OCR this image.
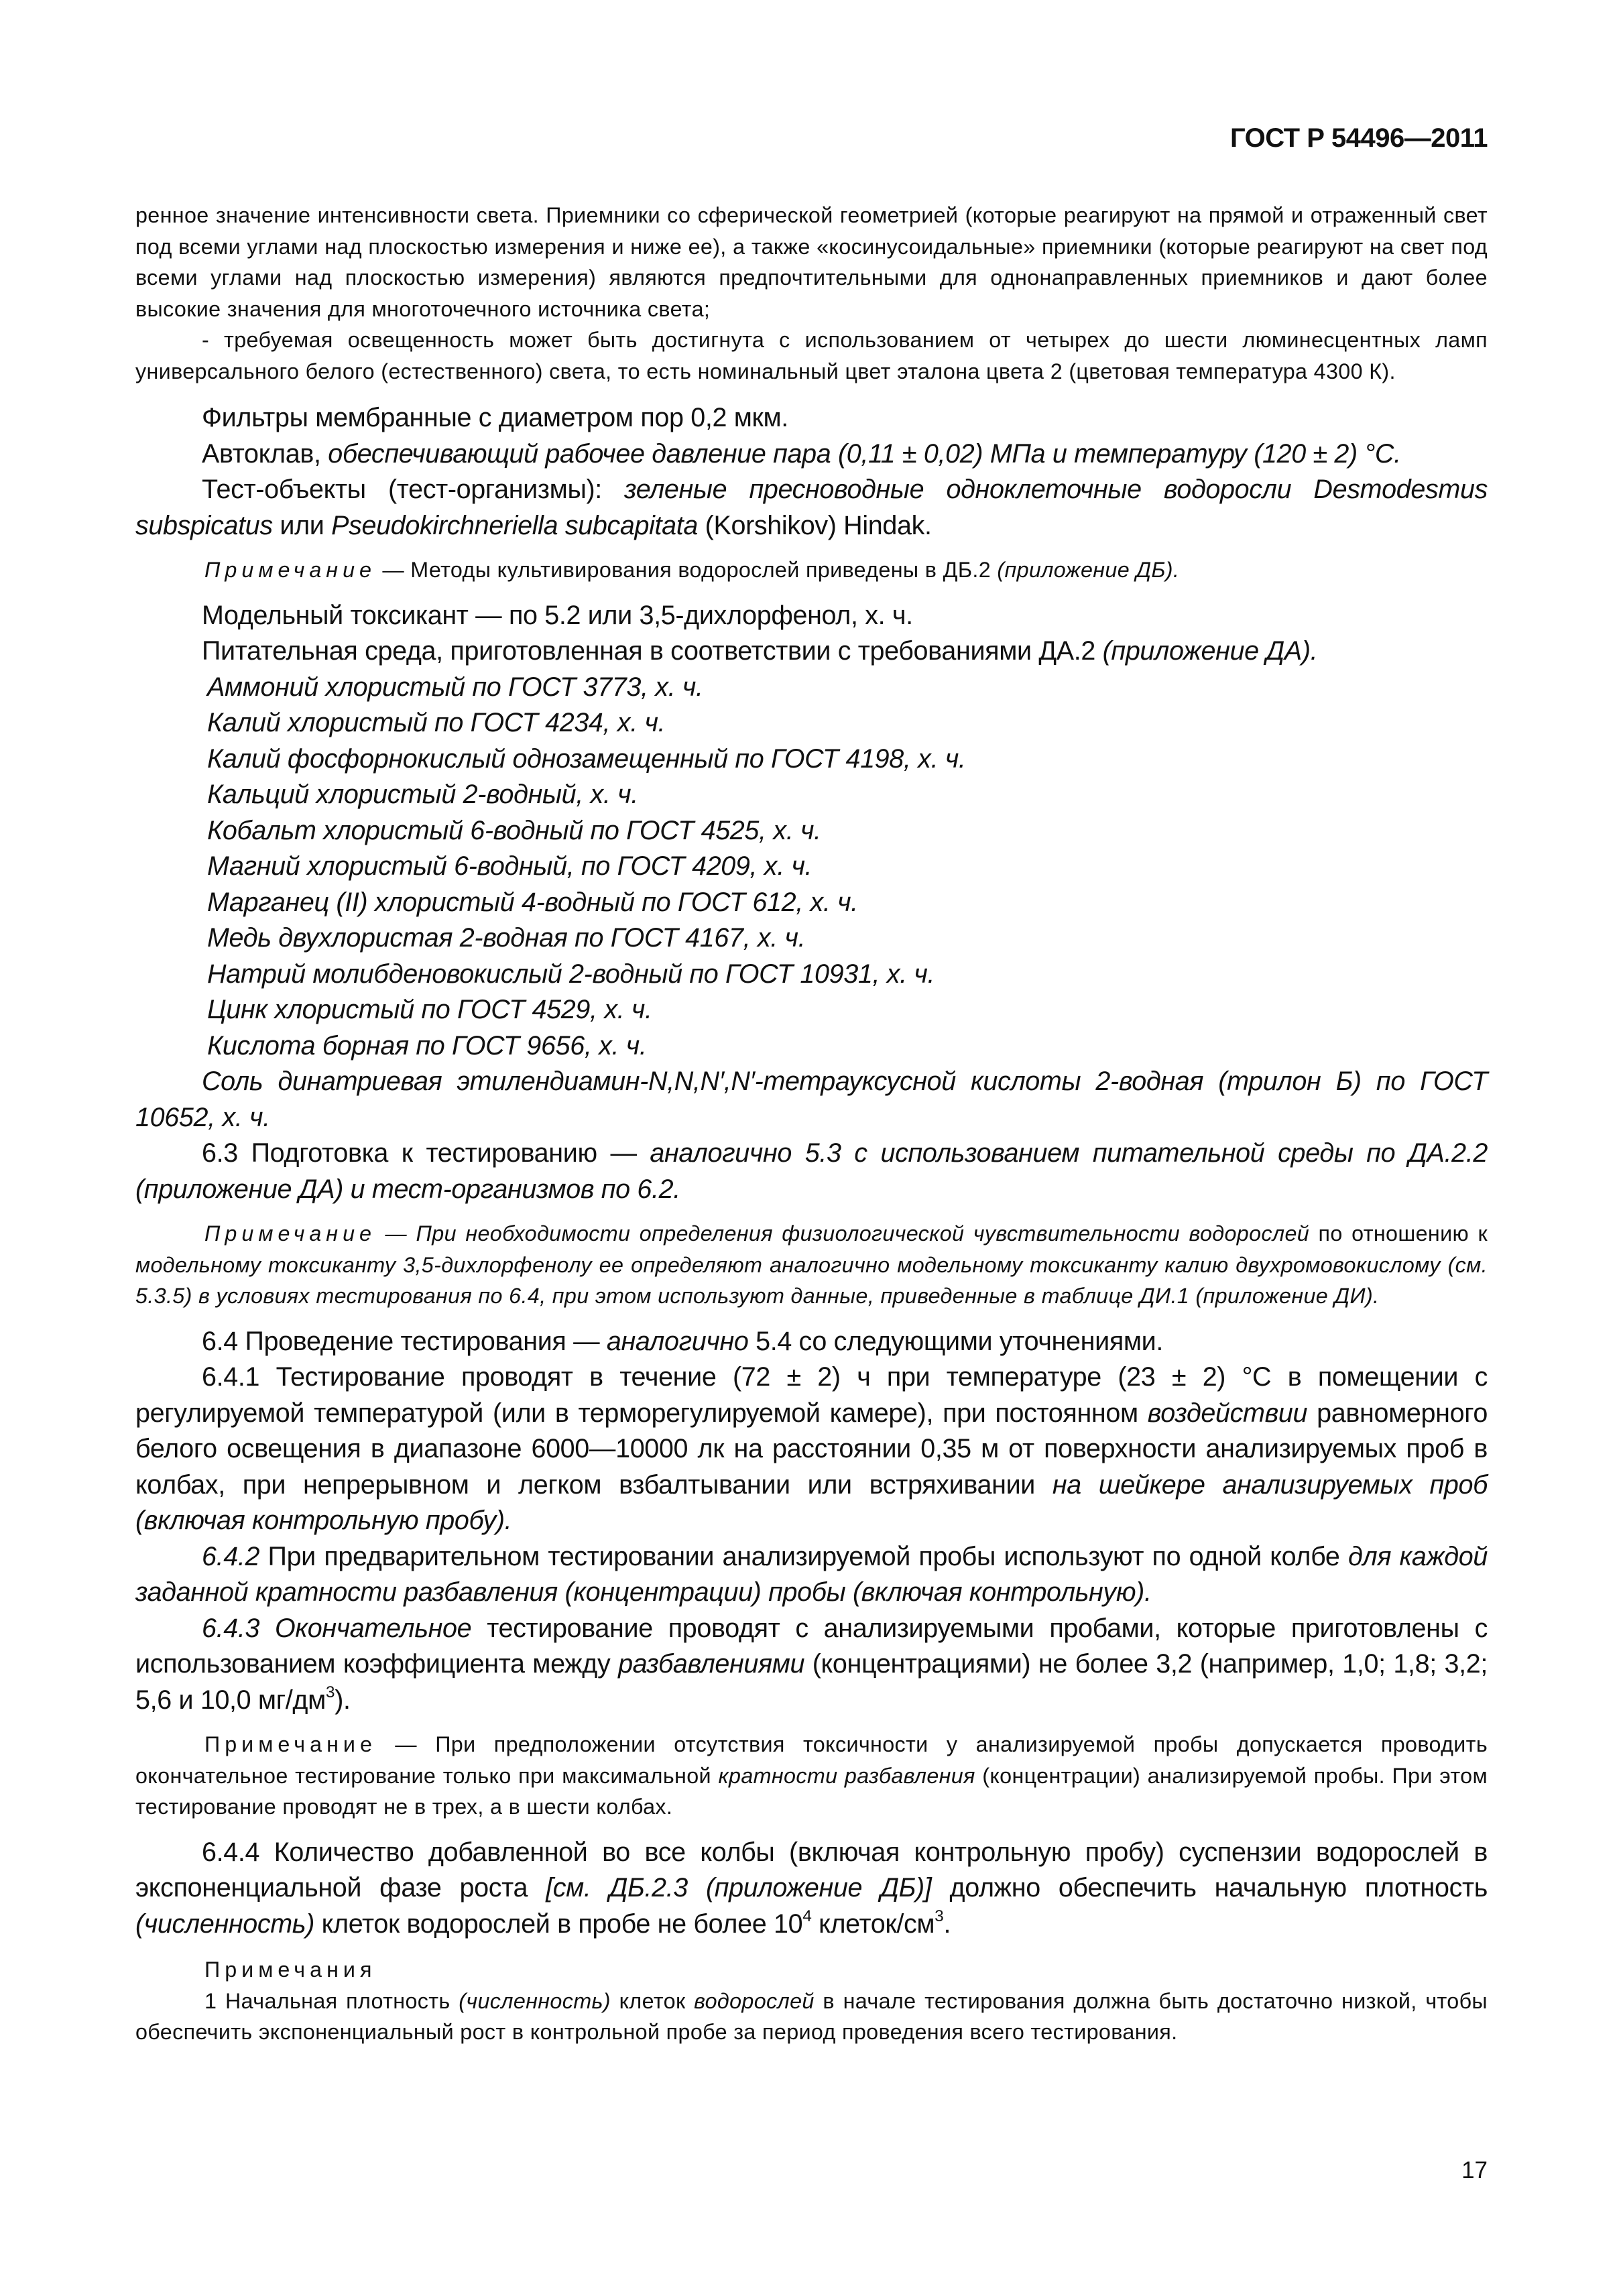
ГОСТ Р 54496—2011

ренное значение интенсивности света. Приемники со сферической геометрией (которые реагируют на прямой и отраженный свет под всеми углами над плоскостью измерения и ниже ее), а также «косинусоидальные» приемники (которые реагируют на свет под всеми углами над плоскостью измерения) являются предпочтительными для однонаправленных приемников и дают более высокие значения для многоточечного источника света;

- требуемая освещенность может быть достигнута с использованием от четырех до шести люминесцентных ламп универсального белого (естественного) света, то есть номинальный цвет эталона цвета 2 (цветовая температура 4300 К).

Фильтры мембранные с диаметром пор 0,2 мкм.

Автоклав, обеспечивающий рабочее давление пара (0,11 ± 0,02) МПа и температуру (120 ± 2) °С.

Тест-объекты (тест-организмы): зеленые пресноводные одноклеточные водоросли Desmodesmus subspicatus или Pseudokirchneriella subcapitata (Korshikov) Hindak.

Примечание — Методы культивирования водорослей приведены в ДБ.2 (приложение ДБ).

Модельный токсикант — по 5.2 или 3,5-дихлорфенол, х. ч.

Питательная среда, приготовленная в соответствии с требованиями ДА.2 (приложение ДА).

Аммоний хлористый по ГОСТ 3773, х. ч.

Калий хлористый по ГОСТ 4234, х. ч.

Калий фосфорнокислый однозамещенный по ГОСТ 4198, х. ч.

Кальций хлористый 2-водный, х. ч.

Кобальт хлористый 6-водный по ГОСТ 4525, х. ч.

Магний хлористый 6-водный, по ГОСТ 4209, х. ч.

Марганец (II) хлористый 4-водный по ГОСТ 612, х. ч.

Медь двухлористая 2-водная по ГОСТ 4167, х. ч.

Натрий молибденовокислый 2-водный по ГОСТ 10931, х. ч.

Цинк хлористый по ГОСТ 4529, х. ч.

Кислота борная по ГОСТ 9656, х. ч.

Соль динатриевая этилендиамин-N,N,N′,N′-тетрауксусной кислоты 2-водная (трилон Б) по ГОСТ 10652, х. ч.

6.3 Подготовка к тестированию — аналогично 5.3 с использованием питательной среды по ДА.2.2 (приложение ДА) и тест-организмов по 6.2.

Примечание — При необходимости определения физиологической чувствительности водорослей по отношению к модельному токсиканту 3,5-дихлорфенолу ее определяют аналогично модельному токсиканту калию двухромовокислому (см. 5.3.5) в условиях тестирования по 6.4, при этом используют данные, приведенные в таблице ДИ.1 (приложение ДИ).

6.4 Проведение тестирования — аналогично 5.4 со следующими уточнениями.

6.4.1 Тестирование проводят в течение (72 ± 2) ч при температуре (23 ± 2) °С в помещении с регулируемой температурой (или в терморегулируемой камере), при постоянном воздействии равномерного белого освещения в диапазоне 6000—10000 лк на расстоянии 0,35 м от поверхности анализируемых проб в колбах, при непрерывном и легком взбалтывании или встряхивании на шейкере анализируемых проб (включая контрольную пробу).

6.4.2 При предварительном тестировании анализируемой пробы используют по одной колбе для каждой заданной кратности разбавления (концентрации) пробы (включая контрольную).

6.4.3 Окончательное тестирование проводят с анализируемыми пробами, которые приготовлены с использованием коэффициента между разбавлениями (концентрациями) не более 3,2 (например, 1,0; 1,8; 3,2; 5,6 и 10,0 $мг/дм^3$).

Примечание — При предположении отсутствия токсичности у анализируемой пробы допускается проводить окончательное тестирование только при максимальной кратности разбавления (концентрации) анализируемой пробы. При этом тестирование проводят не в трех, а в шести колбах.

6.4.4 Количество добавленной во все колбы (включая контрольную пробу) суспензии водорослей в экспоненциальной фазе роста [см. ДБ.2.3 (приложение ДБ)] должно обеспечить начальную плотность (численность) клеток водорослей в пробе не более $10^4$ клеток/$см^3$.

Примечания

1 Начальная плотность (численность) клеток водорослей в начале тестирования должна быть достаточно низкой, чтобы обеспечить экспоненциальный рост в контрольной пробе за период проведения всего тестирования.

17
